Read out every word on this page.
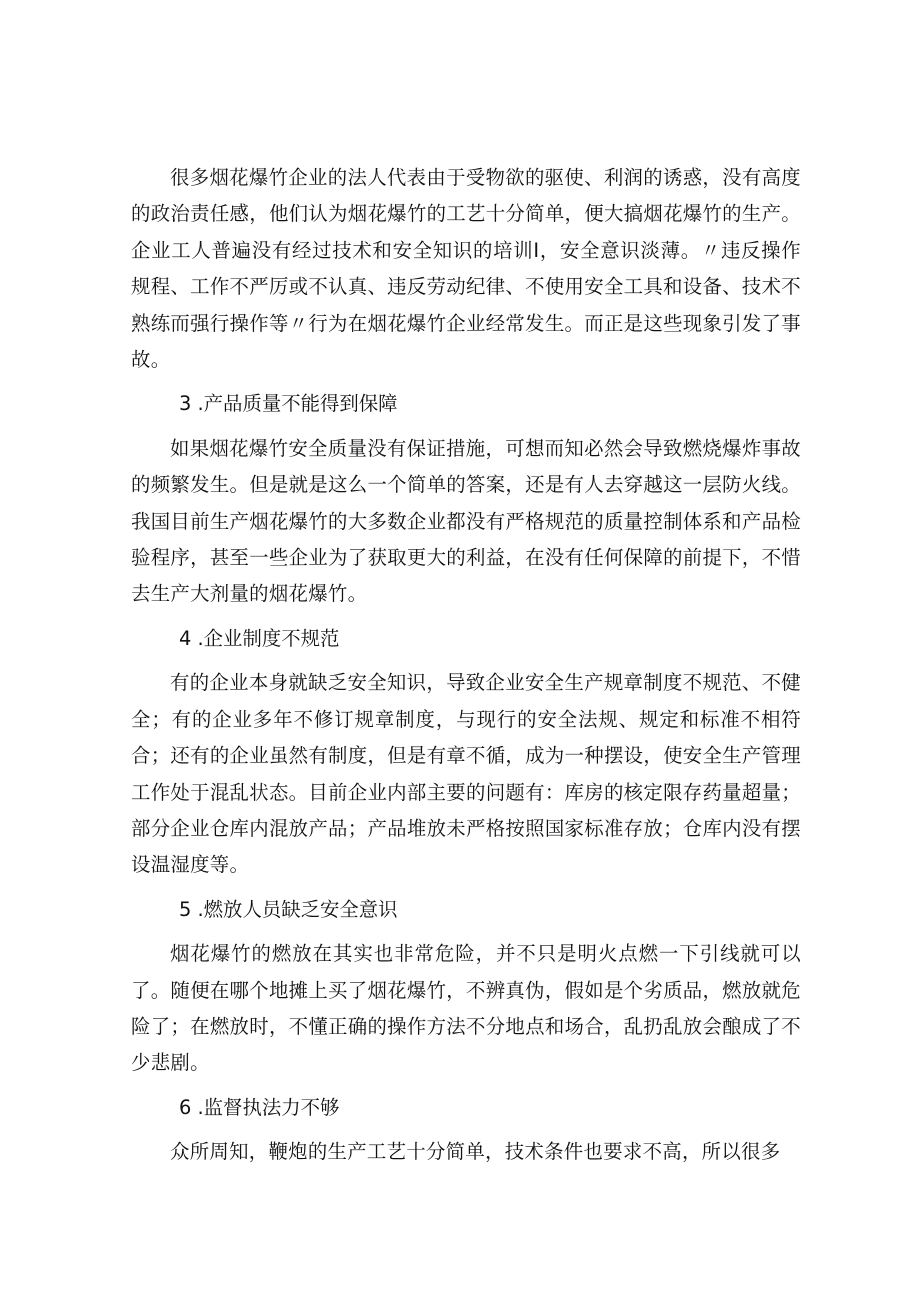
很多烟花爆竹企业的法人代表由于受物欲的驱使、利润的诱惑，没有高度的政治责任感，他们认为烟花爆竹的工艺十分简单，便大搞烟花爆竹的生产。企业工人普遍没有经过技术和安全知识的培训I，安全意识淡薄。〃违反操作规程、工作不严厉或不认真、违反劳动纪律、不使用安全工具和设备、技术不熟练而强行操作等〃行为在烟花爆竹企业经常发生。而正是这些现象引发了事故。

3 .产品质量不能得到保障

如果烟花爆竹安全质量没有保证措施，可想而知必然会导致燃烧爆炸事故的频繁发生。但是就是这么一个简单的答案，还是有人去穿越这一层防火线。我国目前生产烟花爆竹的大多数企业都没有严格规范的质量控制体系和产品检验程序，甚至一些企业为了获取更大的利益，在没有任何保障的前提下，不惜去生产大剂量的烟花爆竹。

4 .企业制度不规范

有的企业本身就缺乏安全知识，导致企业安全生产规章制度不规范、不健全；有的企业多年不修订规章制度，与现行的安全法规、规定和标准不相符合；还有的企业虽然有制度，但是有章不循，成为一种摆设，使安全生产管理工作处于混乱状态。目前企业内部主要的问题有：库房的核定限存药量超量；部分企业仓库内混放产品；产品堆放未严格按照国家标准存放；仓库内没有摆设温湿度等。

5 .燃放人员缺乏安全意识

烟花爆竹的燃放在其实也非常危险，并不只是明火点燃一下引线就可以了。随便在哪个地摊上买了烟花爆竹，不辨真伪，假如是个劣质品，燃放就危险了；在燃放时，不懂正确的操作方法不分地点和场合，乱扔乱放会酿成了不少悲剧。

6 .监督执法力不够

众所周知，鞭炮的生产工艺十分简单，技术条件也要求不高，所以很多
